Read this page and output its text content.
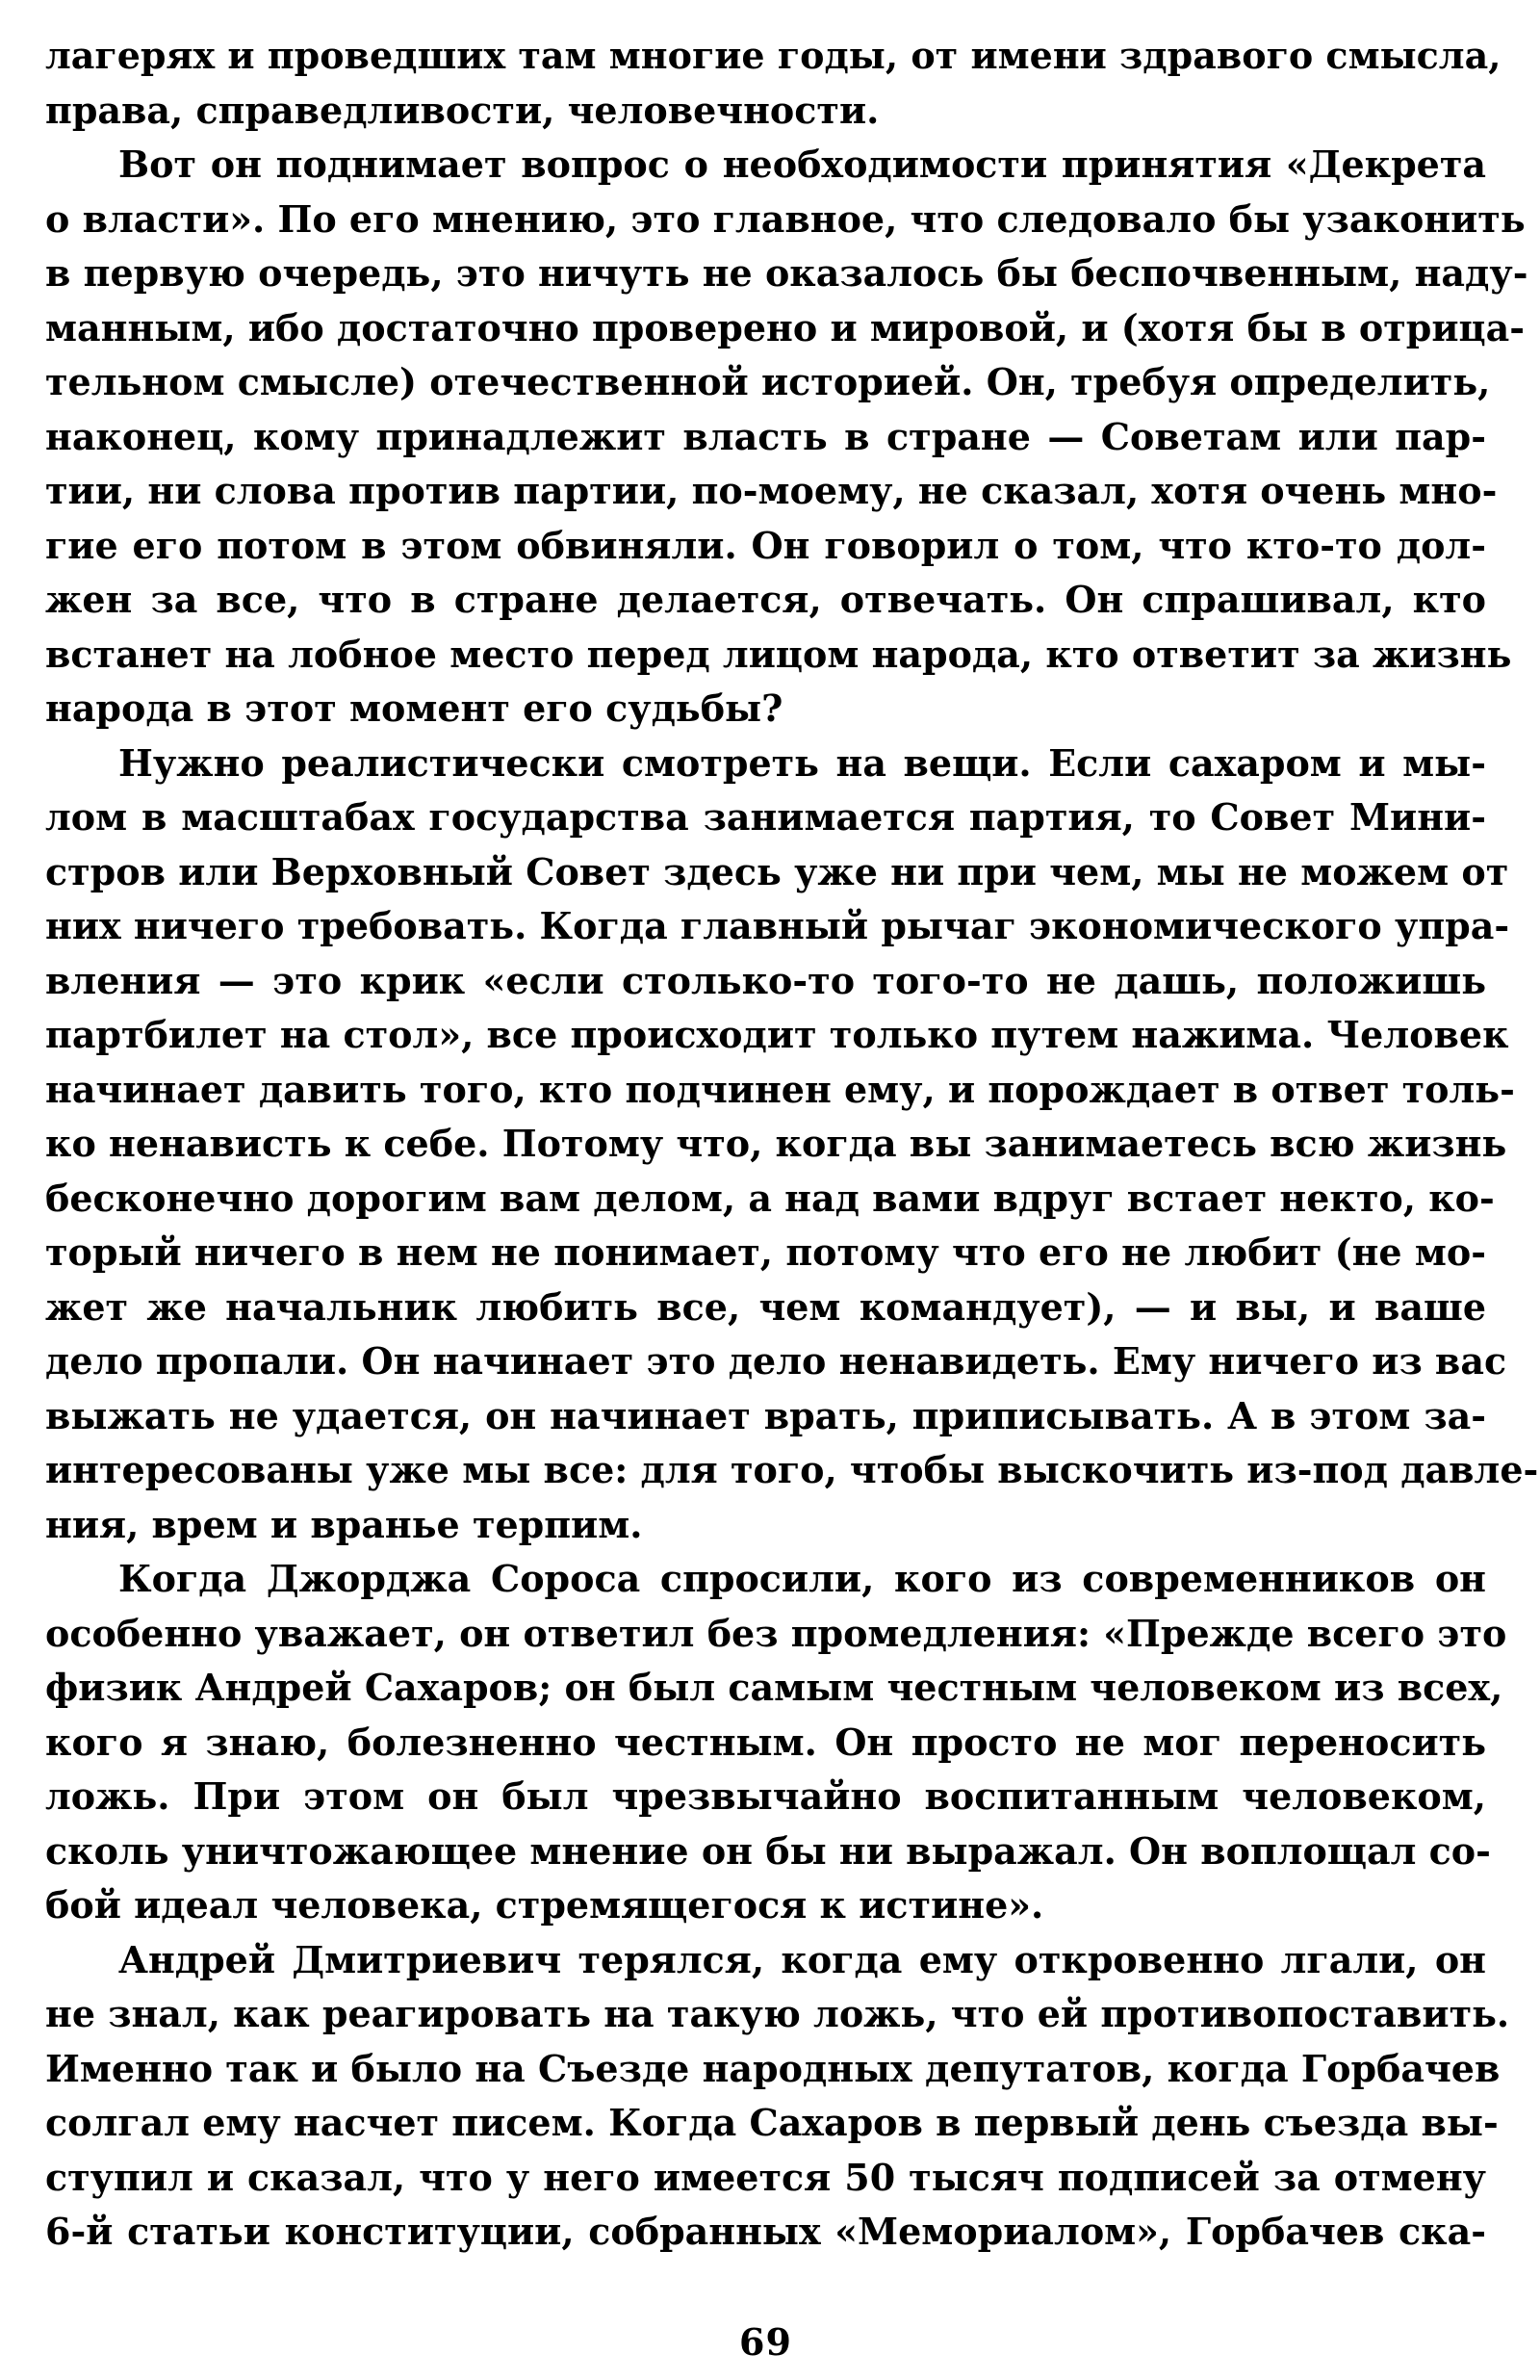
лагерях и проведших там многие годы, от имени здравого смысла,
права, справедливости, человечности.
Вот он поднимает вопрос о необходимости принятия «Декрета
о власти». По его мнению, это главное, что следовало бы узаконить
в первую очередь, это ничуть не оказалось бы беспочвенным, наду-
манным, ибо достаточно проверено и мировой, и (хотя бы в отрица-
тельном смысле) отечественной историей. Он, требуя определить,
наконец, кому принадлежит власть в стране — Советам или пар-
тии, ни слова против партии, по-моему, не сказал, хотя очень мно-
гие его потом в этом обвиняли. Он говорил о том, что кто-то дол-
жен за все, что в стране делается, отвечать. Он спрашивал, кто
встанет на лобное место перед лицом народа, кто ответит за жизнь
народа в этот момент его судьбы?
Нужно реалистически смотреть на вещи. Если сахаром и мы-
лом в масштабах государства занимается партия, то Совет Мини-
стров или Верховный Совет здесь уже ни при чем, мы не можем от
них ничего требовать. Когда главный рычаг экономического упра-
вления — это крик «если столько-то того-то не дашь, положишь
партбилет на стол», все происходит только путем нажима. Человек
начинает давить того, кто подчинен ему, и порождает в ответ толь-
ко ненависть к себе. Потому что, когда вы занимаетесь всю жизнь
бесконечно дорогим вам делом, а над вами вдруг встает некто, ко-
торый ничего в нем не понимает, потому что его не любит (не мо-
жет же начальник любить все, чем командует), — и вы, и ваше
дело пропали. Он начинает это дело ненавидеть. Ему ничего из вас
выжать не удается, он начинает врать, приписывать. А в этом за-
интересованы уже мы все: для того, чтобы выскочить из-под давле-
ния, врем и вранье терпим.
Когда Джорджа Сороса спросили, кого из современников он
особенно уважает, он ответил без промедления: «Прежде всего это
физик Андрей Сахаров; он был самым честным человеком из всех,
кого я знаю, болезненно честным. Он просто не мог переносить
ложь. При этом он был чрезвычайно воспитанным человеком,
сколь уничтожающее мнение он бы ни выражал. Он воплощал со-
бой идеал человека, стремящегося к истине».
Андрей Дмитриевич терялся, когда ему откровенно лгали, он
не знал, как реагировать на такую ложь, что ей противопоставить.
Именно так и было на Съезде народных депутатов, когда Горбачев
солгал ему насчет писем. Когда Сахаров в первый день съезда вы-
ступил и сказал, что у него имеется 50 тысяч подписей за отмену
6-й статьи конституции, собранных «Мемориалом», Горбачев ска-
69
